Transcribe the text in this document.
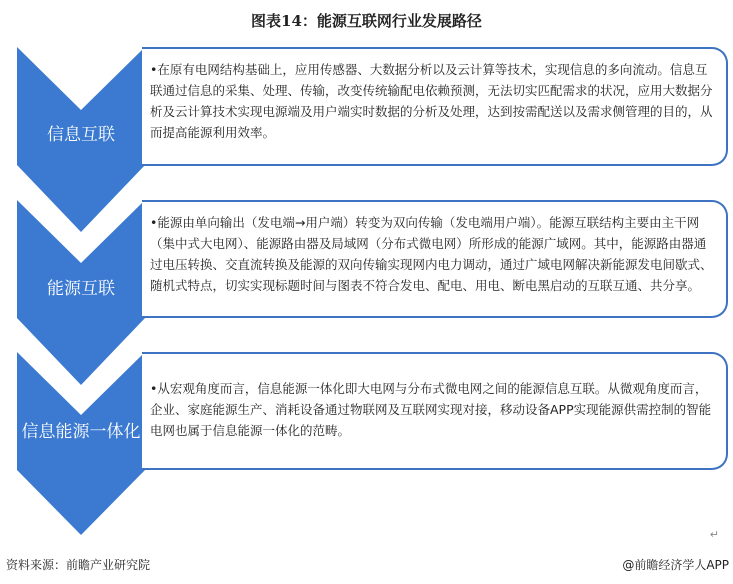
图表14：能源互联网行业发展路径
信息互联
能源互联
信息能源一体化
•在原有电网结构基础上，应用传感器、大数据分析以及云计算等技术，实现信息的多向流动。信息互联通过信息的采集、处理、传输，改变传统输配电依赖预测，无法切实匹配需求的状况，应用大数据分析及云计算技术实现电源端及用户端实时数据的分析及处理，达到按需配送以及需求侧管理的目的，从而提高能源利用效率。
•能源由单向输出（发电端→用户端）转变为双向传输（发电端用户端）。能源互联结构主要由主干网（集中式大电网）、能源路由器及局域网（分布式微电网）所形成的能源广域网。其中，能源路由器通过电压转换、交直流转换及能源的双向传输实现网内电力调动，通过广域电网解决新能源发电间歇式、随机式特点，切实实现标题时间与图表不符合发电、配电、用电、断电黑启动的互联互通、共分享。
•从宏观角度而言，信息能源一体化即大电网与分布式微电网之间的能源信息互联。从微观角度而言，企业、家庭能源生产、消耗设备通过物联网及互联网实现对接，移动设备APP实现能源供需控制的智能电网也属于信息能源一体化的范畴。
↵
资料来源：前瞻产业研究院	@前瞻经济学人APP
